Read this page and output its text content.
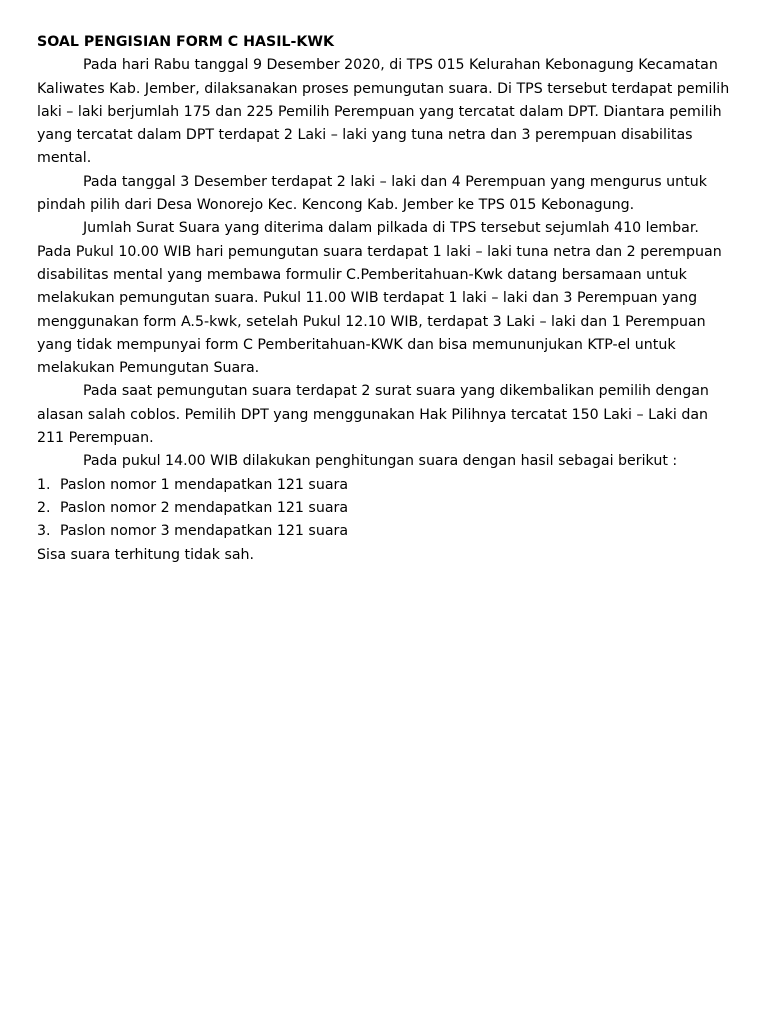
SOAL PENGISIAN FORM C HASIL-KWK

Pada hari Rabu tanggal 9 Desember 2020, di TPS 015 Kelurahan Kebonagung Kecamatan Kaliwates Kab. Jember, dilaksanakan proses pemungutan suara. Di TPS tersebut terdapat pemilih laki – laki berjumlah 175 dan 225 Pemilih Perempuan yang tercatat dalam DPT. Diantara pemilih yang tercatat dalam DPT terdapat 2 Laki – laki yang tuna netra dan 3 perempuan disabilitas mental.

Pada tanggal 3 Desember terdapat 2 laki – laki dan 4 Perempuan yang mengurus untuk pindah pilih dari Desa Wonorejo Kec. Kencong Kab. Jember ke TPS 015 Kebonagung.

Jumlah Surat Suara yang diterima dalam pilkada di TPS tersebut sejumlah 410 lembar. Pada Pukul 10.00 WIB hari pemungutan suara terdapat 1 laki – laki tuna netra dan 2 perempuan disabilitas mental yang membawa formulir C.Pemberitahuan-Kwk datang bersamaan untuk melakukan pemungutan suara. Pukul 11.00 WIB terdapat 1 laki – laki dan 3 Perempuan yang menggunakan form A.5-kwk, setelah Pukul 12.10 WIB, terdapat 3 Laki – laki dan 1 Perempuan yang tidak mempunyai form C Pemberitahuan-KWK dan bisa memununjukan KTP-el untuk melakukan Pemungutan Suara.

Pada saat pemungutan suara terdapat 2 surat suara yang dikembalikan pemilih dengan alasan salah coblos. Pemilih DPT yang menggunakan Hak Pilihnya tercatat 150 Laki – Laki dan 211 Perempuan.

Pada pukul 14.00 WIB dilakukan penghitungan suara dengan hasil sebagai berikut :

1. Paslon nomor 1 mendapatkan 121 suara
2. Paslon nomor 2 mendapatkan 121 suara
3. Paslon nomor 3 mendapatkan 121 suara

Sisa suara terhitung tidak sah.
